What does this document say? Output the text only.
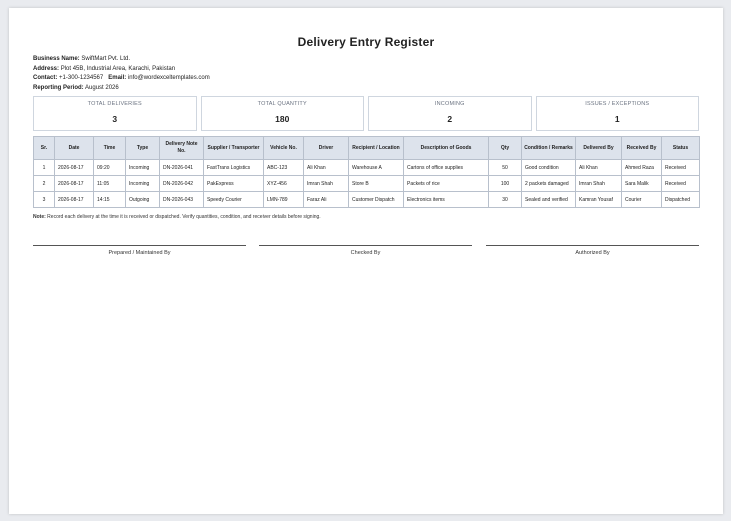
Delivery Entry Register
Business Name: SwiftMart Pvt. Ltd.
Address: Plot 45B, Industrial Area, Karachi, Pakistan
Contact: +1-300-1234567 Email: info@wordexceltemplates.com
Reporting Period: August 2026
TOTAL DELIVERIES
3
TOTAL QUANTITY
180
INCOMING
2
ISSUES / EXCEPTIONS
1
Sr.	Date	Time	Type	Delivery Note No.	Supplier / Transporter	Vehicle No.	Driver	Recipient / Location	Description of Goods	Qty	Condition / Remarks	Delivered By	Received By	Status
1	2026-08-17	09:20	Incoming	DN-2026-041	FastTrans Logistics	ABC-123	Ali Khan	Warehouse A	Cartons of office supplies	50	Good condition	Ali Khan	Ahmed Raza	Received
2	2026-08-17	11:05	Incoming	DN-2026-042	PakExpress	XYZ-456	Imran Shah	Store B	Packets of rice	100	2 packets damaged	Imran Shah	Sara Malik	Received
3	2026-08-17	14:15	Outgoing	DN-2026-043	Speedy Courier	LMN-789	Faraz Ali	Customer Dispatch	Electronics items	30	Sealed and verified	Kamran Yousaf	Courier	Dispatched
Note: Record each delivery at the time it is received or dispatched. Verify quantities, condition, and receiver details before signing.
Prepared / Maintained By	Checked By	Authorized By
